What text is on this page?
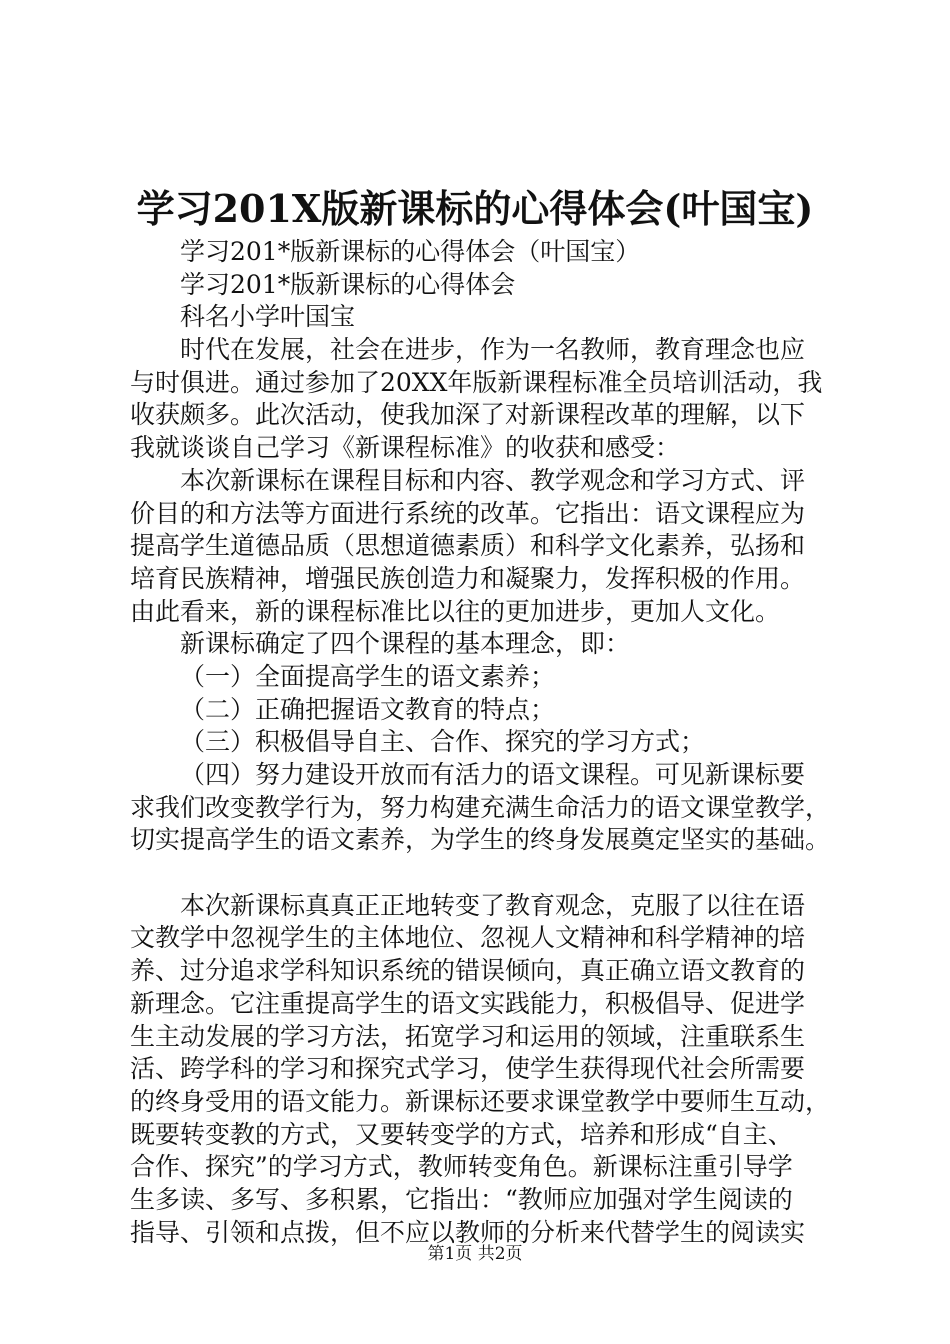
学习201X版新课标的心得体会(叶国宝)
学习201*版新课标的心得体会（叶国宝）
学习201*版新课标的心得体会
科名小学叶国宝
时代在发展，社会在进步，作为一名教师，教育理念也应
与时俱进。通过参加了20XX年版新课程标准全员培训活动，我
收获颇多。此次活动，使我加深了对新课程改革的理解，以下
我就谈谈自己学习《新课程标准》的收获和感受：
本次新课标在课程目标和内容、教学观念和学习方式、评
价目的和方法等方面进行系统的改革。它指出：语文课程应为
提高学生道德品质（思想道德素质）和科学文化素养，弘扬和
培育民族精神，增强民族创造力和凝聚力，发挥积极的作用。
由此看来，新的课程标准比以往的更加进步，更加人文化。
新课标确定了四个课程的基本理念，即：
（一）全面提高学生的语文素养；
（二）正确把握语文教育的特点；
（三）积极倡导自主、合作、探究的学习方式；
（四）努力建设开放而有活力的语文课程。可见新课标要
求我们改变教学行为，努力构建充满生命活力的语文课堂教学，
切实提高学生的语文素养，为学生的终身发展奠定坚实的基础。
本次新课标真真正正地转变了教育观念，克服了以往在语
文教学中忽视学生的主体地位、忽视人文精神和科学精神的培
养、过分追求学科知识系统的错误倾向，真正确立语文教育的
新理念。它注重提高学生的语文实践能力，积极倡导、促进学
生主动发展的学习方法，拓宽学习和运用的领域，注重联系生
活、跨学科的学习和探究式学习，使学生获得现代社会所需要
的终身受用的语文能力。新课标还要求课堂教学中要师生互动，
既要转变教的方式，又要转变学的方式，培养和形成“自主、
合作、探究”的学习方式，教师转变角色。新课标注重引导学
生多读、多写、多积累，它指出：“教师应加强对学生阅读的
指导、引领和点拨，但不应以教师的分析来代替学生的阅读实
第1页 共2页
